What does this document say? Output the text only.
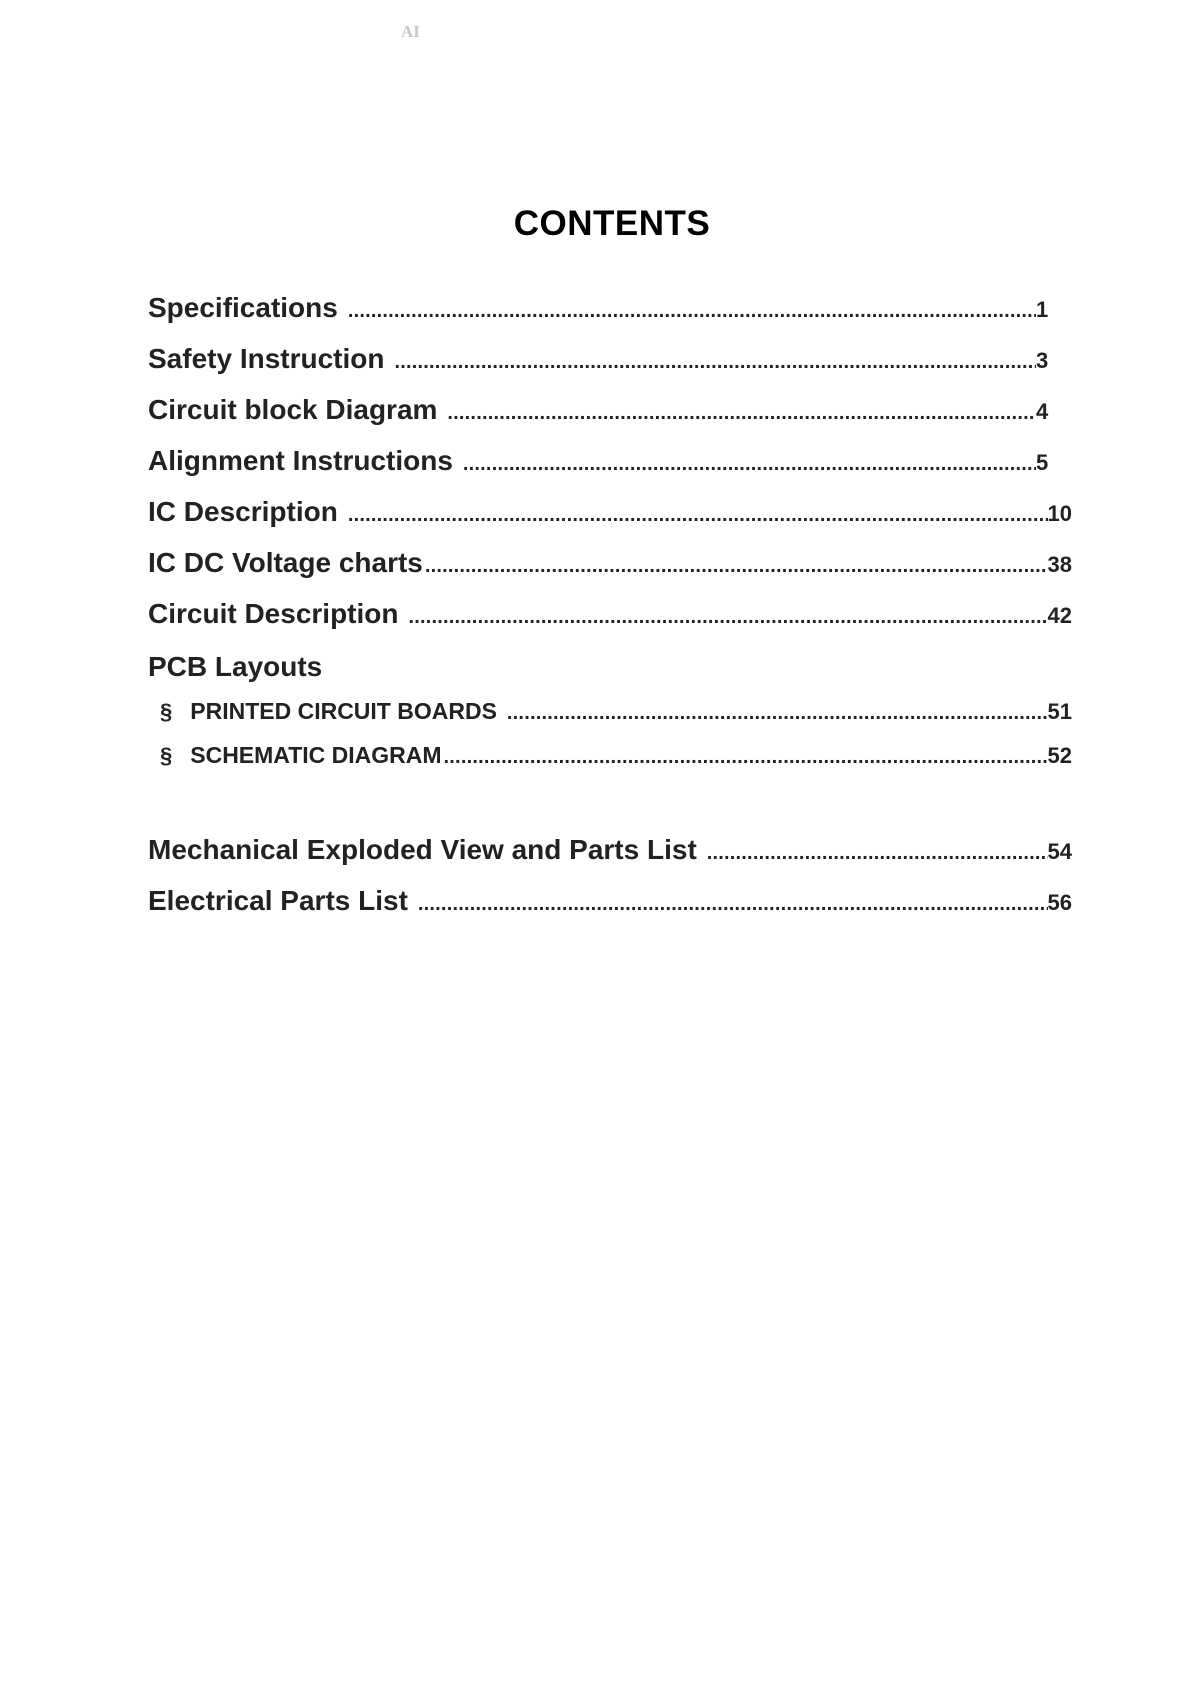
AI
CONTENTS
Specifications .....	1
Safety Instruction .....	3
Circuit block Diagram .....	4
Alignment Instructions .....	5
IC Description .....	10
IC DC Voltage charts .....	38
Circuit Description .....	42
PCB Layouts
§ PRINTED CIRCUIT BOARDS .....	51
§ SCHEMATIC DIAGRAM .....	52
Mechanical Exploded View and Parts List .....	54
Electrical Parts List .....	56
